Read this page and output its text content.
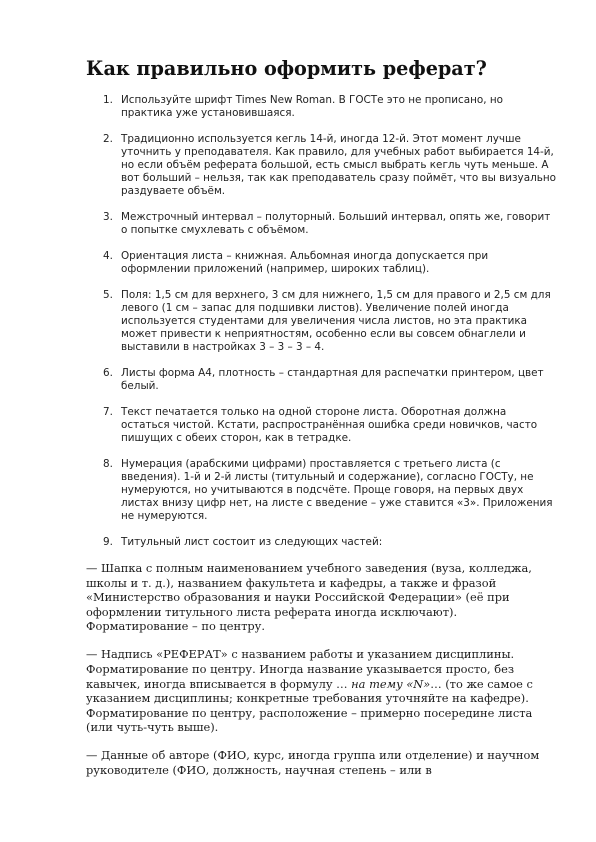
Как правильно оформить реферат?
1. Используйте шрифт Times New Roman. В ГОСТе это не прописано, но практика уже установившаяся.
2. Традиционно используется кегль 14-й, иногда 12-й. Этот момент лучше уточнить у преподавателя. Как правило, для учебных работ выбирается 14-й, но если объём реферата большой, есть смысл выбрать кегль чуть меньше. А вот больший – нельзя, так как преподаватель сразу поймёт, что вы визуально раздуваете объём.
3. Межстрочный интервал – полуторный. Больший интервал, опять же, говорит о попытке смухлевать с объёмом.
4. Ориентация листа – книжная. Альбомная иногда допускается при оформлении приложений (например, широких таблиц).
5. Поля: 1,5 см для верхнего, 3 см для нижнего, 1,5 см для правого и 2,5 см для левого (1 см – запас для подшивки листов). Увеличение полей иногда используется студентами для увеличения числа листов, но эта практика может привести к неприятностям, особенно если вы совсем обнаглели и выставили в настройках 3 – 3 – 3 – 4.
6. Листы форма А4, плотность – стандартная для распечатки принтером, цвет белый.
7. Текст печатается только на одной стороне листа. Оборотная должна остаться чистой. Кстати, распространённая ошибка среди новичков, часто пишущих с обеих сторон, как в тетрадке.
8. Нумерация (арабскими цифрами) проставляется с третьего листа (с введения). 1-й и 2-й листы (титульный и содержание), согласно ГОСТу, не нумеруются, но учитываются в подсчёте. Проще говоря, на первых двух листах внизу цифр нет, на листе с введение – уже ставится «3». Приложения не нумеруются.
9. Титульный лист состоит из следующих частей:

— Шапка с полным наименованием учебного заведения (вуза, колледжа, школы и т. д.), названием факультета и кафедры, а также и фразой «Министерство образования и науки Российской Федерации» (её при оформлении титульного листа реферата иногда исключают). Форматирование – по центру.

— Надпись «РЕФЕРАТ» с названием работы и указанием дисциплины. Форматирование по центру. Иногда название указывается просто, без кавычек, иногда вписывается в формулу … на тему «N»… (то же самое с указанием дисциплины; конкретные требования уточняйте на кафедре). Форматирование по центру, расположение – примерно посередине листа (или чуть-чуть выше).

— Данные об авторе (ФИО, курс, иногда группа или отделение) и научном руководителе (ФИО, должность, научная степень – или в
